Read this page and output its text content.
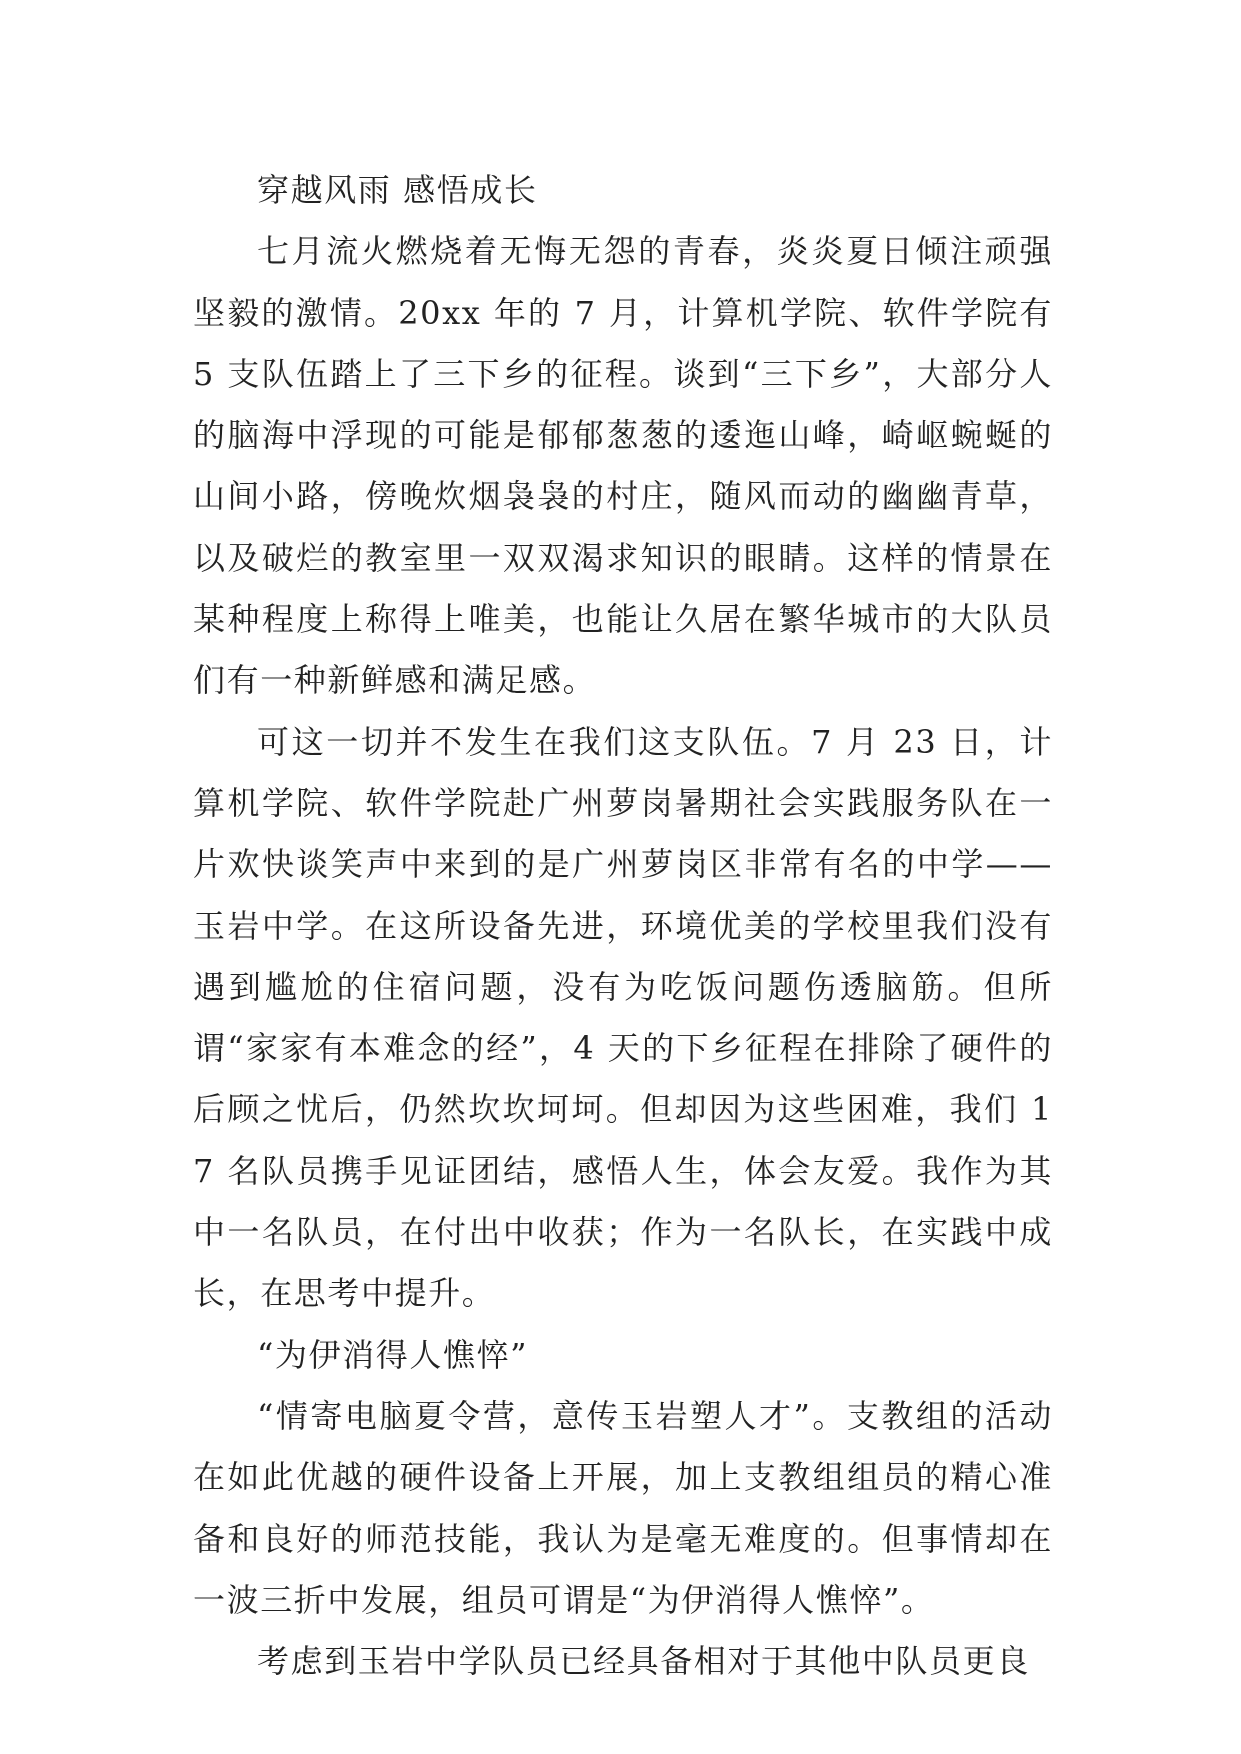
穿越风雨 感悟成长

七月流火燃烧着无悔无怨的青春，炎炎夏日倾注顽强坚毅的激情。20xx 年的 7 月，计算机学院、软件学院有 5 支队伍踏上了三下乡的征程。谈到“三下乡”，大部分人的脑海中浮现的可能是郁郁葱葱的逶迤山峰，崎岖蜿蜒的山间小路，傍晚炊烟袅袅的村庄，随风而动的幽幽青草，以及破烂的教室里一双双渴求知识的眼睛。这样的情景在某种程度上称得上唯美，也能让久居在繁华城市的大队员们有一种新鲜感和满足感。

可这一切并不发生在我们这支队伍。7 月 23 日，计算机学院、软件学院赴广州萝岗暑期社会实践服务队在一片欢快谈笑声中来到的是广州萝岗区非常有名的中学——玉岩中学。在这所设备先进，环境优美的学校里我们没有遇到尴尬的住宿问题，没有为吃饭问题伤透脑筋。但所谓“家家有本难念的经”，4 天的下乡征程在排除了硬件的后顾之忧后，仍然坎坎坷坷。但却因为这些困难，我们 17 名队员携手见证团结，感悟人生，体会友爱。我作为其中一名队员，在付出中收获；作为一名队长，在实践中成长，在思考中提升。

“为伊消得人憔悴”

“情寄电脑夏令营，意传玉岩塑人才”。支教组的活动在如此优越的硬件设备上开展，加上支教组组员的精心准备和良好的师范技能，我认为是毫无难度的。但事情却在一波三折中发展，组员可谓是“为伊消得人憔悴”。

考虑到玉岩中学队员已经具备相对于其他中队员更良
